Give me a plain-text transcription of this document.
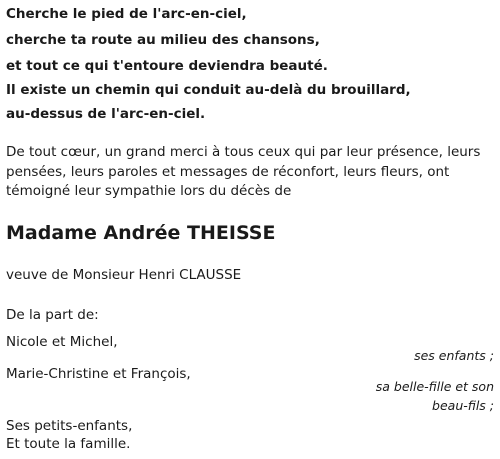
Cherche le pied de l'arc-en-ciel,
cherche ta route au milieu des chansons,
et tout ce qui t'entoure deviendra beauté.
Il existe un chemin qui conduit au-delà du brouillard,
au-dessus de l'arc-en-ciel.
De tout cœur, un grand merci à tous ceux qui par leur présence, leurs pensées, leurs paroles et messages de réconfort, leurs fleurs, ont témoigné leur sympathie lors du décès de
Madame Andrée THEISSE
veuve de Monsieur Henri CLAUSSE
De la part de:
Nicole et Michel,
ses enfants ;
Marie-Christine et François,
sa belle-fille et son
beau-fils ;
Ses petits-enfants,
Et toute la famille.
